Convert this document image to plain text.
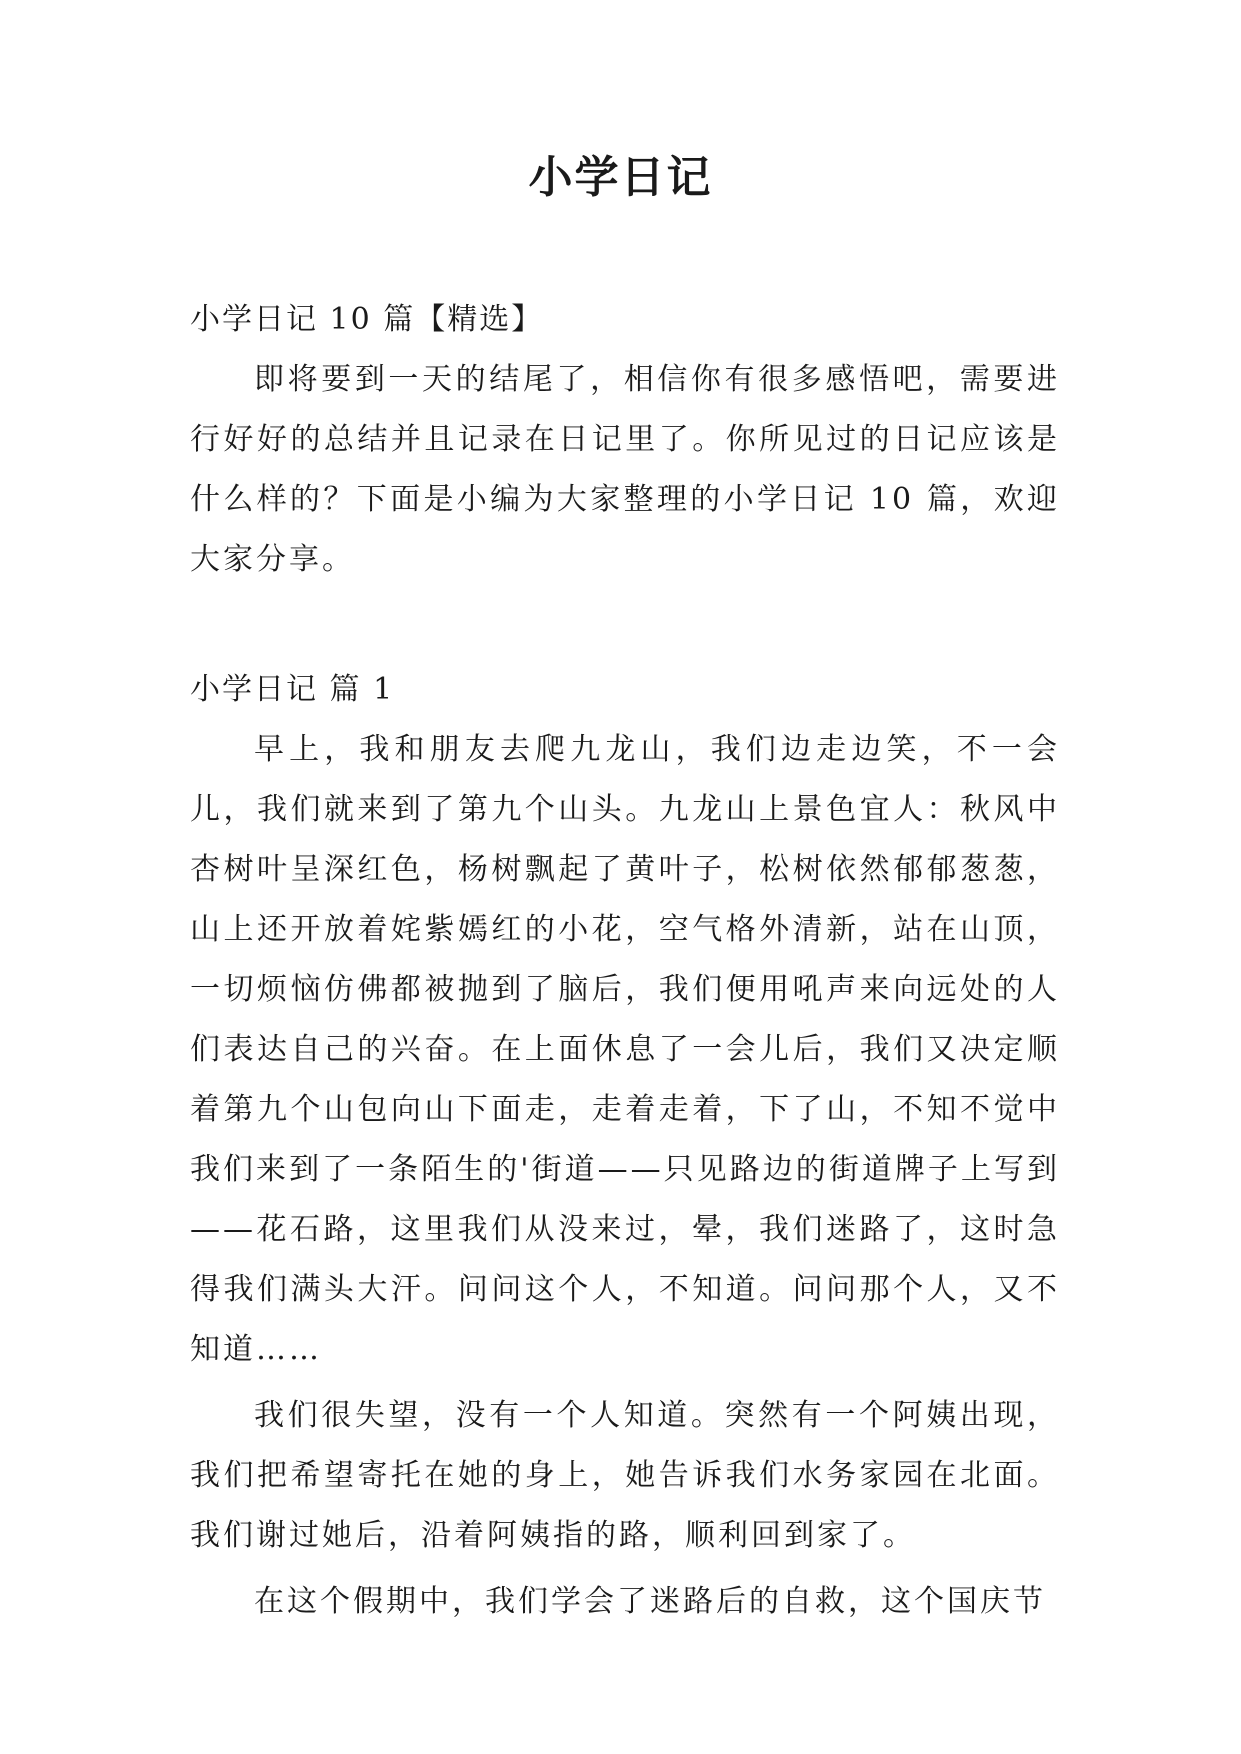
小学日记

小学日记 10 篇【精选】

即将要到一天的结尾了，相信你有很多感悟吧，需要进行好好的总结并且记录在日记里了。你所见过的日记应该是什么样的？下面是小编为大家整理的小学日记 10 篇，欢迎大家分享。

小学日记 篇 1

早上，我和朋友去爬九龙山，我们边走边笑，不一会儿，我们就来到了第九个山头。九龙山上景色宜人：秋风中杏树叶呈深红色，杨树飘起了黄叶子，松树依然郁郁葱葱，山上还开放着姹紫嫣红的小花，空气格外清新，站在山顶，一切烦恼仿佛都被抛到了脑后，我们便用吼声来向远处的人们表达自己的兴奋。在上面休息了一会儿后，我们又决定顺着第九个山包向山下面走，走着走着，下了山，不知不觉中我们来到了一条陌生的'街道——只见路边的街道牌子上写到——花石路，这里我们从没来过，晕，我们迷路了，这时急得我们满头大汗。问问这个人，不知道。问问那个人，又不知道……

我们很失望，没有一个人知道。突然有一个阿姨出现，我们把希望寄托在她的身上，她告诉我们水务家园在北面。我们谢过她后，沿着阿姨指的路，顺利回到家了。

在这个假期中，我们学会了迷路后的自救，这个国庆节
